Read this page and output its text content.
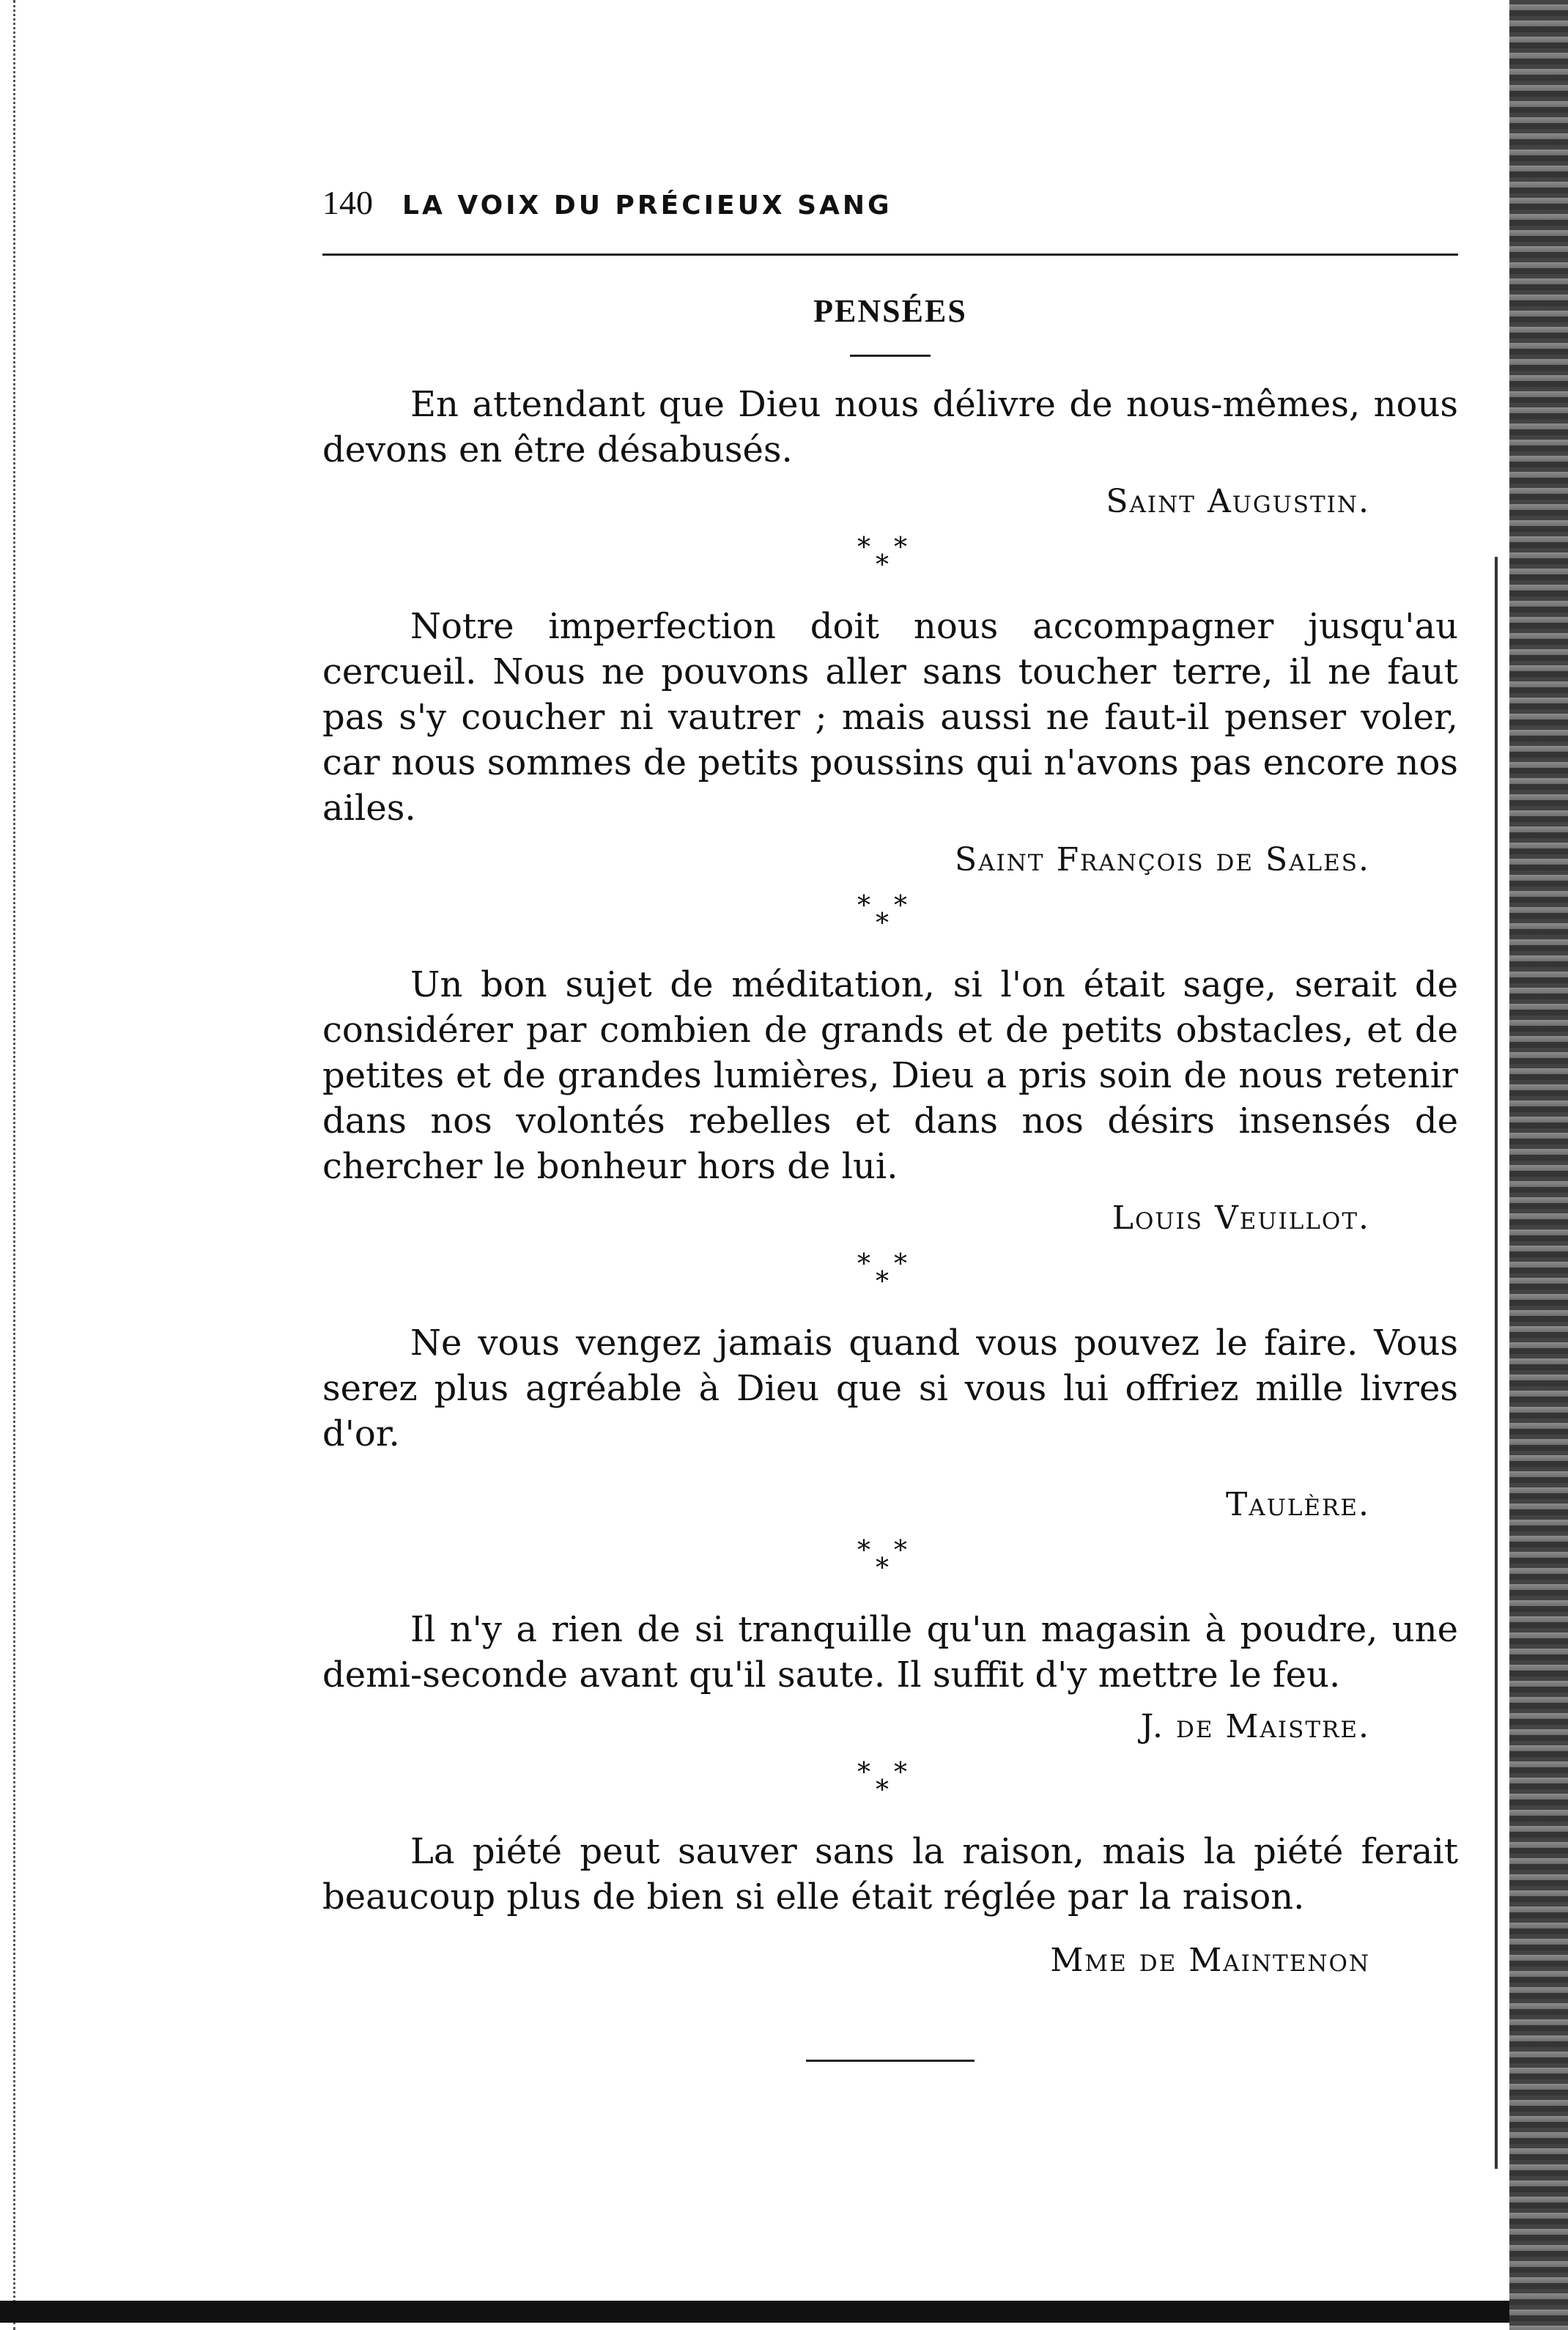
140 LA VOIX DU PRÉCIEUX SANG
PENSÉES

En attendant que Dieu nous délivre de nous-mêmes, nous devons en être désabusés.

Saint Augustin.
* *
*

Notre imperfection doit nous accompagner jusqu'au cercueil. Nous ne pouvons aller sans toucher terre, il ne faut pas s'y coucher ni vautrer ; mais aussi ne faut-il penser voler, car nous sommes de petits poussins qui n'avons pas encore nos ailes.

Saint François de Sales.
* *
*

Un bon sujet de méditation, si l'on était sage, serait de considérer par combien de grands et de petits obstacles, et de petites et de grandes lumières, Dieu a pris soin de nous retenir dans nos volontés rebelles et dans nos désirs insensés de chercher le bonheur hors de lui.

Louis Veuillot.
* *
*

Ne vous vengez jamais quand vous pouvez le faire. Vous serez plus agréable à Dieu que si vous lui offriez mille livres d'or.

Taulère.
* *
*

Il n'y a rien de si tranquille qu'un magasin à poudre, une demi-seconde avant qu'il saute. Il suffit d'y mettre le feu.

J. de Maistre.
* *
*

La piété peut sauver sans la raison, mais la piété ferait beaucoup plus de bien si elle était réglée par la raison.

Mme de Maintenon
